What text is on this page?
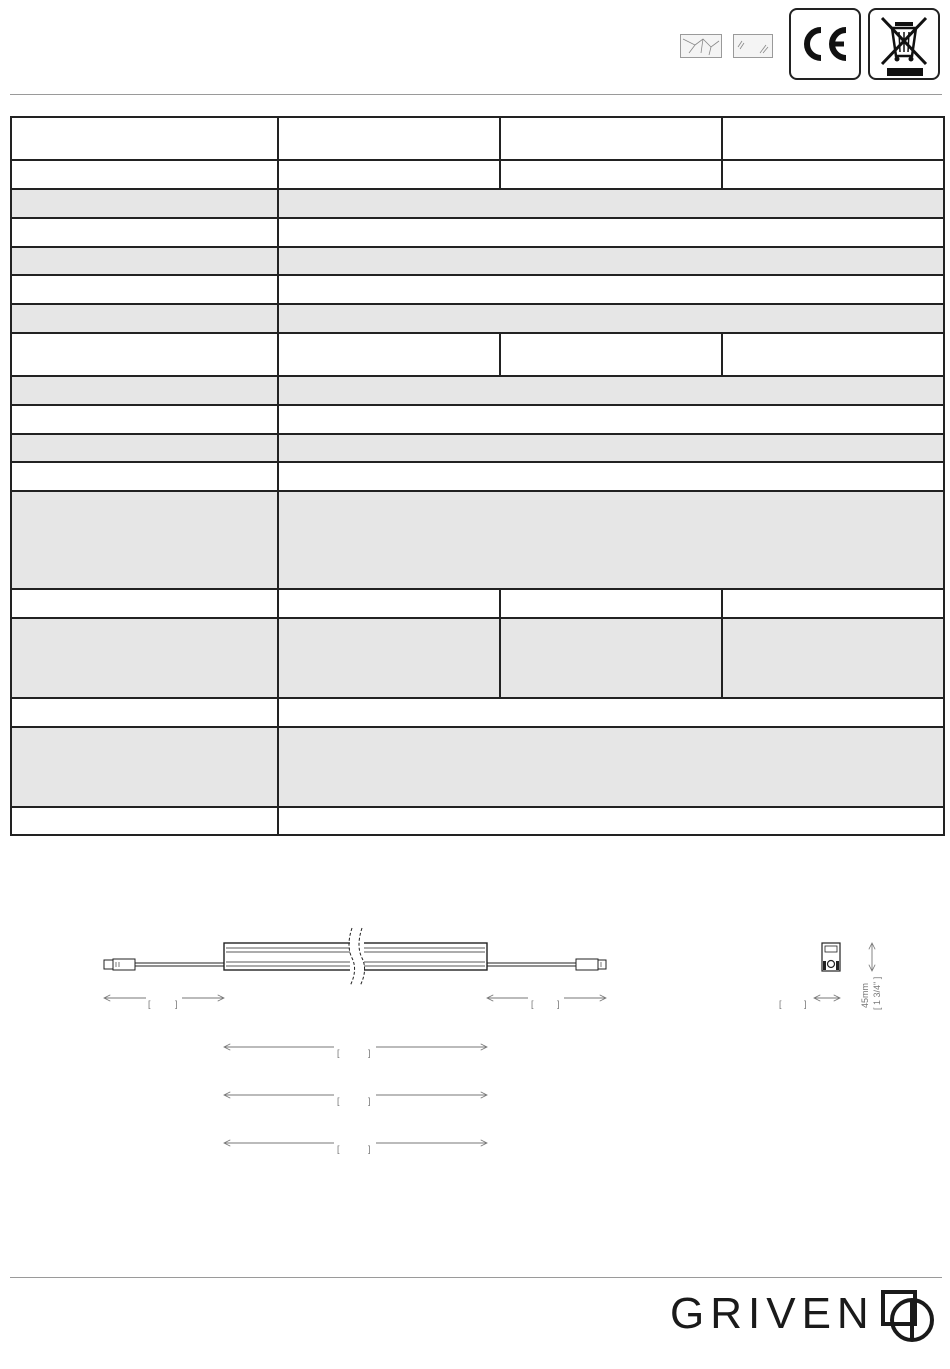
[	]	[	]
[	]
[	]
[	]
45mm [ 1 3/4" ]
[ ]
GRIVEN
